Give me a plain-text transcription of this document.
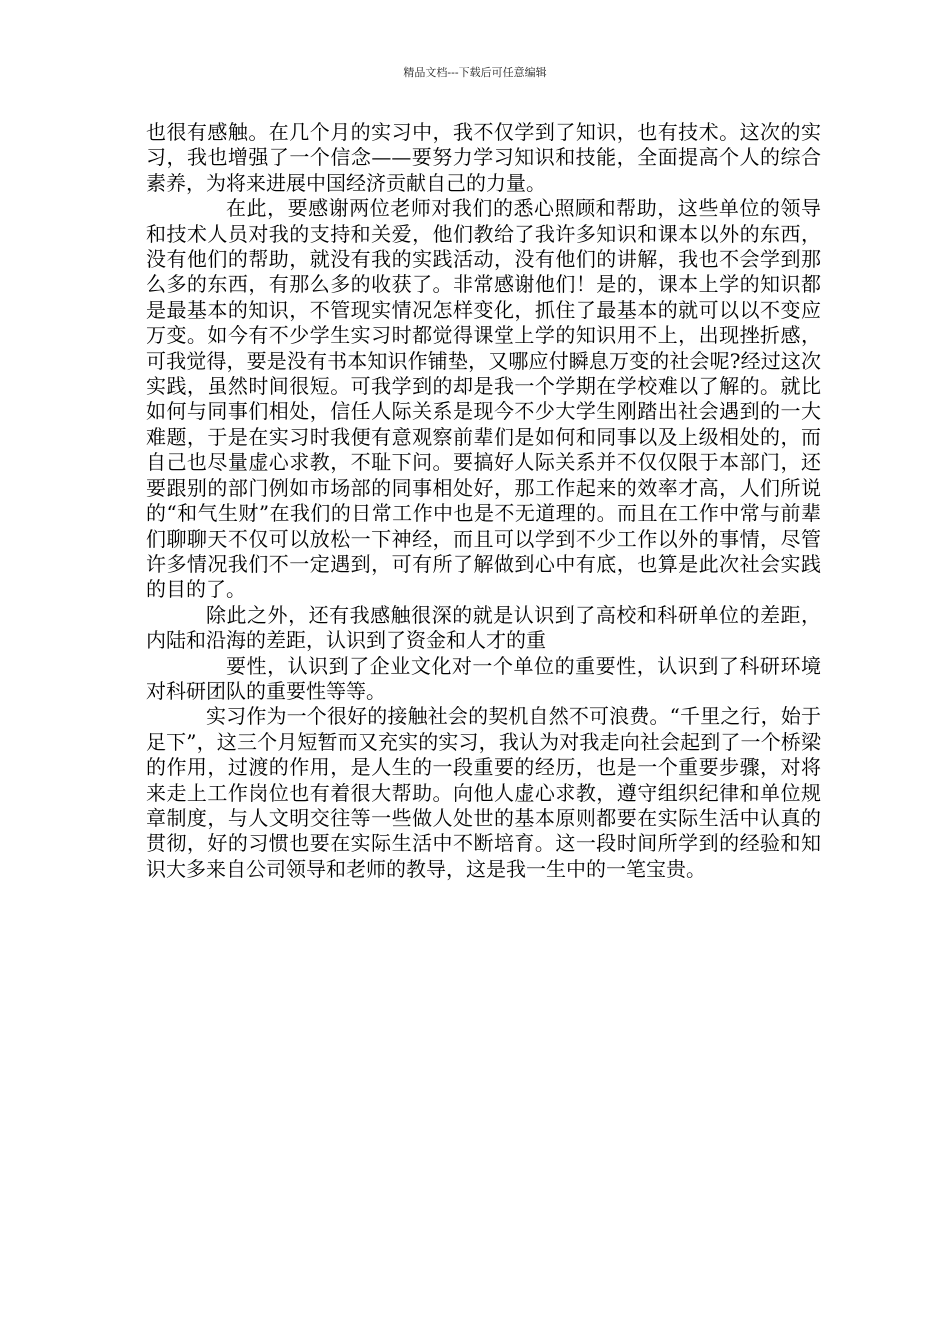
精品文档---下载后可任意编辑

也很有感触。在几个月的实习中，我不仅学到了知识，也有技术。这次的实习，我也增强了一个信念——要努力学习知识和技能，全面提高个人的综合素养，为将来进展中国经济贡献自己的力量。

在此，要感谢两位老师对我们的悉心照顾和帮助，这些单位的领导和技术人员对我的支持和关爱，他们教给了我许多知识和课本以外的东西，没有他们的帮助，就没有我的实践活动，没有他们的讲解，我也不会学到那么多的东西，有那么多的收获了。非常感谢他们！是的，课本上学的知识都是最基本的知识，不管现实情况怎样变化，抓住了最基本的就可以以不变应万变。如今有不少学生实习时都觉得课堂上学的知识用不上，出现挫折感，可我觉得，要是没有书本知识作铺垫，又哪应付瞬息万变的社会呢?经过这次实践，虽然时间很短。可我学到的却是我一个学期在学校难以了解的。就比如何与同事们相处，信任人际关系是现今不少大学生刚踏出社会遇到的一大难题，于是在实习时我便有意观察前辈们是如何和同事以及上级相处的，而自己也尽量虚心求教，不耻下问。要搞好人际关系并不仅仅限于本部门，还要跟别的部门例如市场部的同事相处好，那工作起来的效率才高，人们所说的“和气生财”在我们的日常工作中也是不无道理的。而且在工作中常与前辈们聊聊天不仅可以放松一下神经，而且可以学到不少工作以外的事情，尽管许多情况我们不一定遇到，可有所了解做到心中有底，也算是此次社会实践的目的了。

除此之外，还有我感触很深的就是认识到了高校和科研单位的差距，内陆和沿海的差距，认识到了资金和人才的重

要性，认识到了企业文化对一个单位的重要性，认识到了科研环境对科研团队的重要性等等。

实习作为一个很好的接触社会的契机自然不可浪费。“千里之行，始于足下”，这三个月短暂而又充实的实习，我认为对我走向社会起到了一个桥梁的作用，过渡的作用，是人生的一段重要的经历，也是一个重要步骤，对将来走上工作岗位也有着很大帮助。向他人虚心求教，遵守组织纪律和单位规章制度，与人文明交往等一些做人处世的基本原则都要在实际生活中认真的贯彻，好的习惯也要在实际生活中不断培育。这一段时间所学到的经验和知识大多来自公司领导和老师的教导，这是我一生中的一笔宝贵。
